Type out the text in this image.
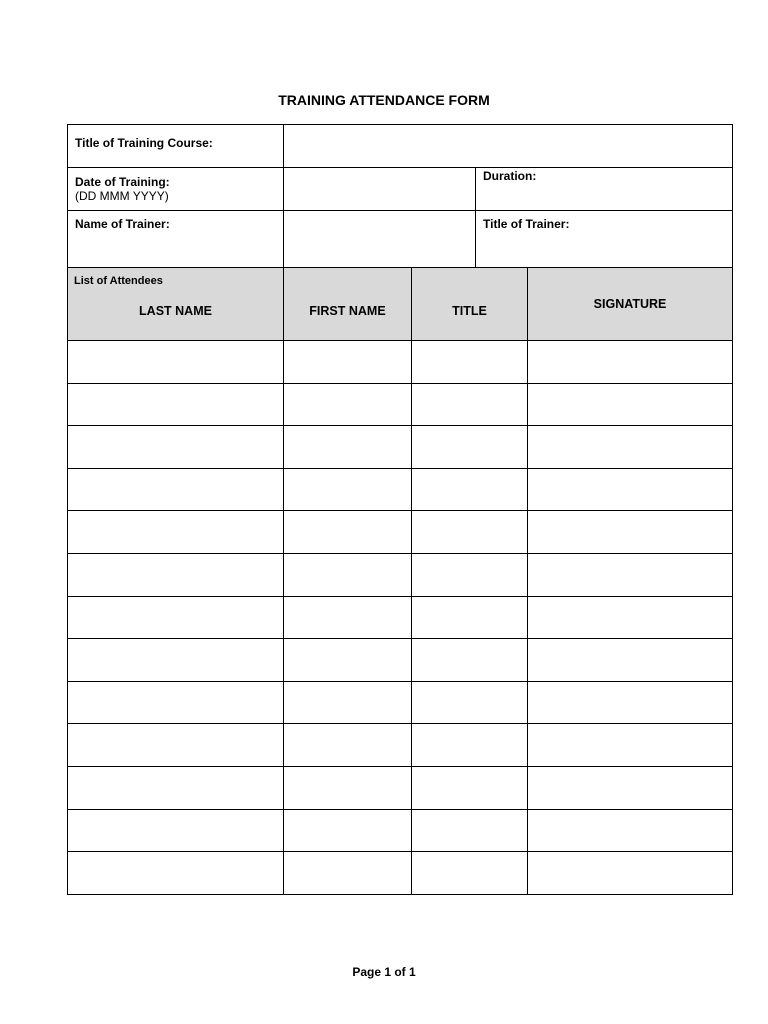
TRAINING ATTENDANCE FORM
Title of Training Course:
Date of Training:
(DD MMM YYYY)
Duration:
Name of Trainer:	Title of Trainer:
List of Attendees
LAST NAME	FIRST NAME	TITLE	SIGNATURE
Page 1 of 1
